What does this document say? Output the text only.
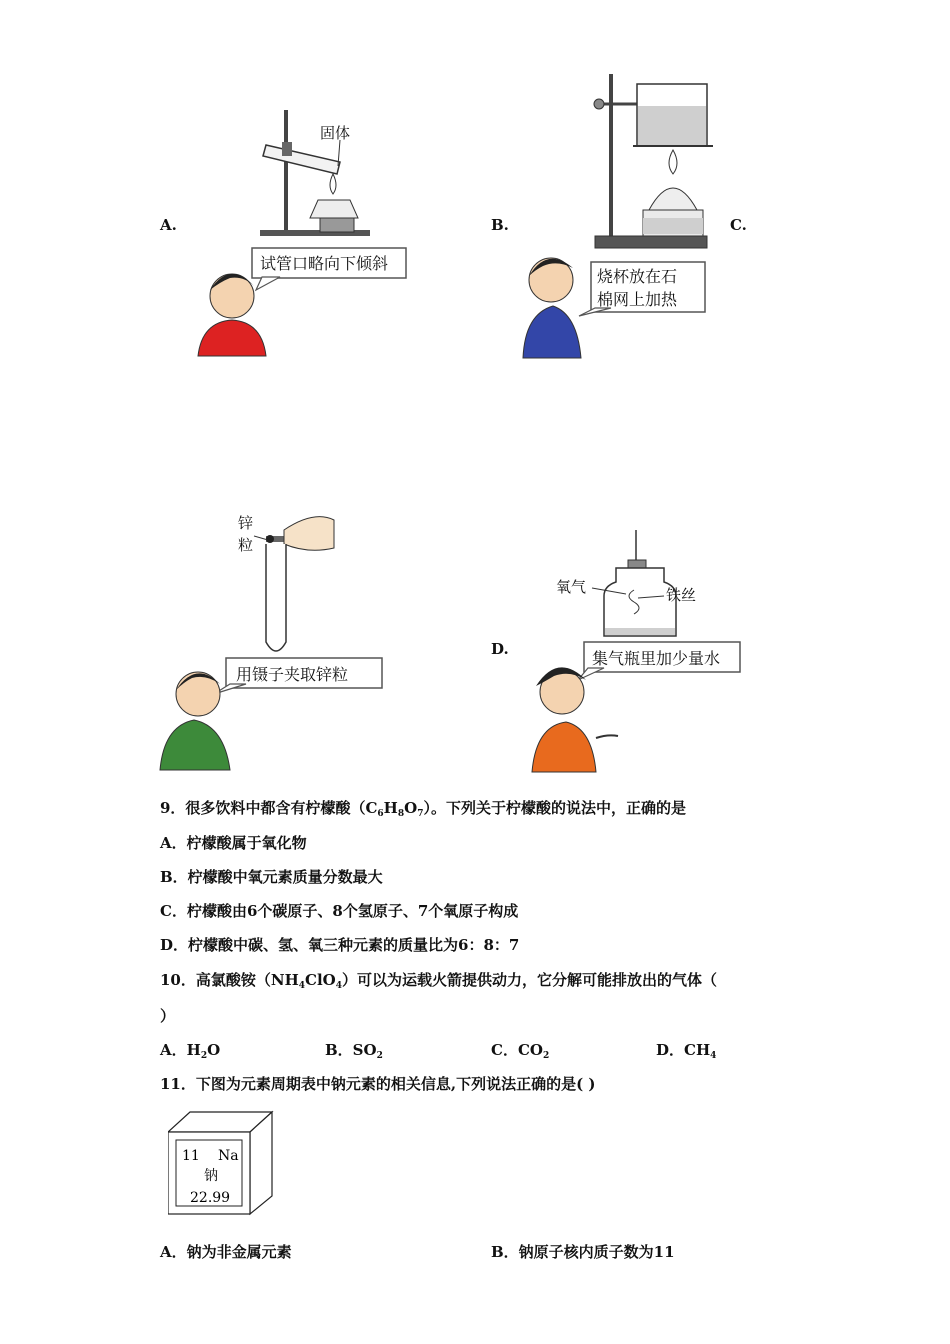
A.
固体
试管口略向下倾斜
B.
烧杯放在石
棉网上加热
C.
锌
粒
用镊子夹取锌粒
D.
氧气	铁丝
集气瓶里加少量水
9．很多饮料中都含有柠檬酸$(C_6H_8O_7)$。下列关于柠檬酸的说法中，正确的是
A．柠檬酸属于氧化物
B．柠檬酸中氧元素质量分数最大
C．柠檬酸由6个碳原子、8个氢原子、7个氧原子构成
D．柠檬酸中碳、氢、氧三种元素的质量比为6：8：7
10．高氯酸铵$(NH_4ClO_4)$可以为运载火箭提供动力，它分解可能排放出的气体（
）
A．$H_2O$	B．$SO_2$	C．$CO_2$	D．$CH_4$
11．下图为元素周期表中钠元素的相关信息,下列说法正确的是( )
11 Na
钠
22.99
A．钠为非金属元素	B．钠原子核内质子数为11
